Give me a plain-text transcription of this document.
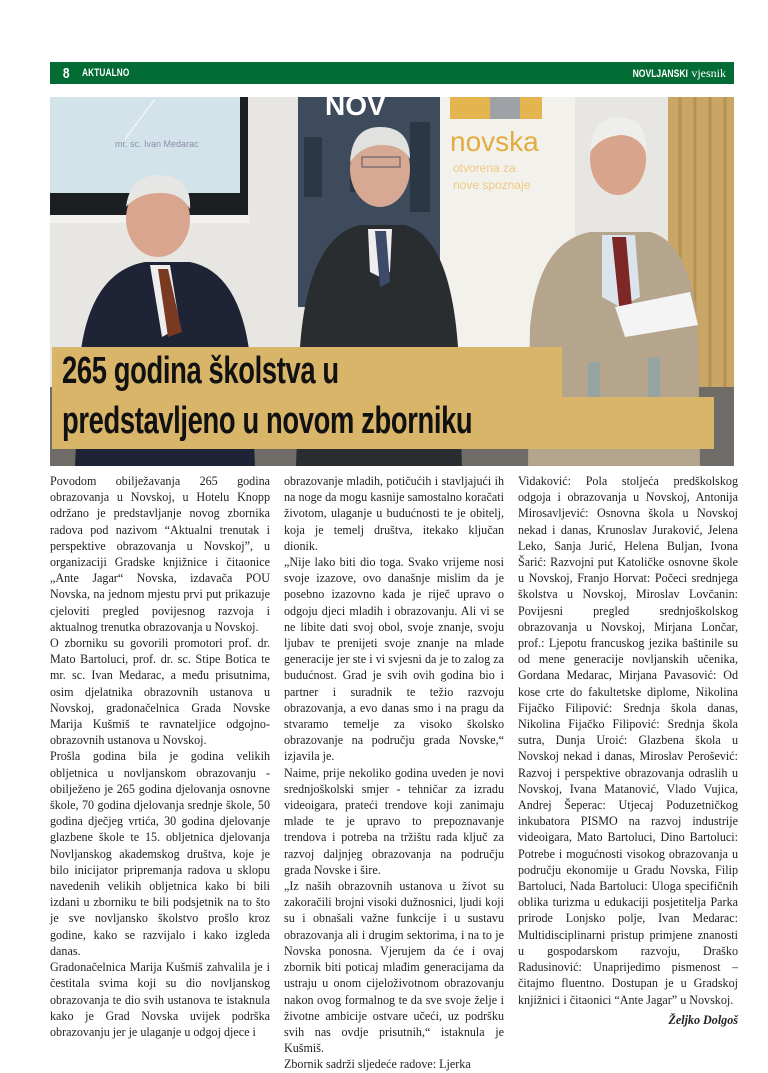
8 AKTUALNO	NOVLJANSKI vjesnik
mr. sc. Ivan Medarac
NOV
novska
otvorena za
nove spoznaje
265 godina školstva u
predstavljeno u novom zborniku

Povodom obilježavanja 265 godina obrazovanja u Novskoj, u Hotelu Knopp održano je predstavljanje novog zbornika radova pod nazivom “Aktualni trenutak i perspektive obrazovanja u Novskoj”, u organizaciji Gradske knjižnice i čitaonice „Ante Jagar“ Novska, izdavača POU Novska, na jednom mjestu prvi put prikazuje cjeloviti pregled povijesnog razvoja i aktualnog trenutka obrazovanja u Novskoj.

O zborniku su govorili promotori prof. dr. Mato Bartoluci, prof. dr. sc. Stipe Botica te mr. sc. Ivan Medarac, a među prisutnima, osim djelatnika obrazovnih ustanova u Novskoj, gradonačelnica Grada Novske Marija Kušmiš te ravnateljice odgojno-obrazovnih ustanova u Novskoj.

Prošla godina bila je godina velikih obljetnica u novljanskom obrazovanju - obilježeno je 265 godina djelovanja osnovne škole, 70 godina djelovanja srednje škole, 50 godina dječjeg vrtića, 30 godina djelovanje glazbene škole te 15. obljetnica djelovanja Novljanskog akademskog društva, koje je bilo inicijator pripremanja radova u sklopu navedenih velikih obljetnica kako bi bili izdani u zborniku te bili podsjetnik na to što je sve novljansko školstvo prošlo kroz godine, kako se razvijalo i kako izgleda danas.

Gradonačelnica Marija Kušmiš zahvalila je i čestitala svima koji su dio novljanskog obrazovanja te dio svih ustanova te istaknula kako je Grad Novska uvijek podrška obrazovanju jer je ulaganje u odgoj djece i

obrazovanje mladih, potičućih i stavljajući ih na noge da mogu kasnije samostalno koračati životom, ulaganje u budućnosti te je obitelj, koja je temelj društva, itekako ključan dionik.

„Nije lako biti dio toga. Svako vrijeme nosi svoje izazove, ovo današnje mislim da je posebno izazovno kada je riječ upravo o odgoju djeci mladih i obrazovanju. Ali vi se ne libite dati svoj obol, svoje znanje, svoju ljubav te prenijeti svoje znanje na mlade generacije jer ste i vi svjesni da je to zalog za budućnost. Grad je svih ovih godina bio i partner i suradnik te težio razvoju obrazovanja, a evo danas smo i na pragu da stvaramo temelje za visoko školsko obrazovanje na području grada Novske,“ izjavila je.

Naime, prije nekoliko godina uveden je novi srednjoškolski smjer - tehničar za izradu videoigara, prateći trendove koji zanimaju mlade te je upravo to prepoznavanje trendova i potreba na tržištu rada ključ za razvoj daljnjeg obrazovanja na području grada Novske i šire.

„Iz naših obrazovnih ustanova u život su zakoračili brojni visoki dužnosnici, ljudi koji su i obnašali važne funkcije i u sustavu obrazovanja ali i drugim sektorima, i na to je Novska ponosna. Vjerujem da će i ovaj zbornik biti poticaj mlađim generacijama da ustraju u onom cijeloživotnom obrazovanju nakon ovog formalnog te da sve svoje želje i životne ambicije ostvare učeći, uz podršku svih nas ovdje prisutnih,“ istaknula je Kušmiš.

Zbornik sadrži sljedeće radove: Ljerka

Vidaković: Pola stoljeća predškolskog odgoja i obrazovanja u Novskoj, Antonija Mirosavljević: Osnovna škola u Novskoj nekad i danas, Krunoslav Juraković, Jelena Leko, Sanja Jurić, Helena Buljan, Ivona Šarić: Razvojni put Katoličke osnovne škole u Novskoj, Franjo Horvat: Počeci srednjega školstva u Novskoj, Miroslav Lovčanin: Povijesni pregled srednjoškolskog obrazovanja u Novskoj, Mirjana Lončar, prof.: Ljepotu francuskog jezika baštinile su od mene generacije novljanskih učenika, Gordana Medarac, Mirjana Pavasović: Od kose crte do fakultetske diplome, Nikolina Fijačko Filipović: Srednja škola danas, Nikolina Fijačko Filipović: Srednja škola sutra, Dunja Uroić: Glazbena škola u Novskoj nekad i danas, Miroslav Perošević: Razvoj i perspektive obrazovanja odraslih u Novskoj, Ivana Matanović, Vlado Vujica, Andrej Šeperac: Utjecaj Poduzetničkog inkubatora PISMO na razvoj industrije videoigara, Mato Bartoluci, Dino Bartoluci: Potrebe i mogućnosti visokog obrazovanja u području ekonomije u Gradu Novska, Filip Bartoluci, Nada Bartoluci: Uloga specifičnih oblika turizma u edukaciji posjetitelja Parka prirode Lonjsko polje, Ivan Medarac: Multidisciplinarni pristup primjene znanosti u gospodarskom razvoju, Draško Radusinović: Unaprijedimo pismenost – čitajmo fluentno. Dostupan je u Gradskoj knjižnici i čitaonici “Ante Jagar” u Novskoj.

Željko Dolgoš
